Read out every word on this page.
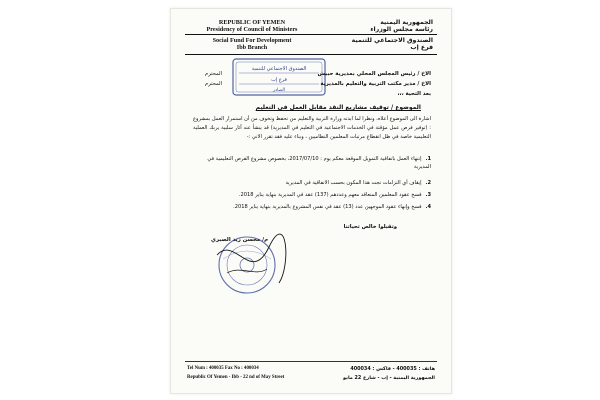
REPUBLIC OF YEMEN
Presidency of Council of Ministers
Social Fund For Development
Ibb Branch
الجمهورية اليمنية
رئاسة مجلس الوزراء
الصندوق الاجتماعي للتنمية
فرع إب
الصندوق الاجتماعي للتنمية
فرع إب
الصادر
الاخ / رئيس المجلس المحلي بمديرية حبيش
المحترم
الاخ / مدير مكتب التربية والتعليم بالمديرية
المحترم
بعد التحية ،،،
الموضوع / توقيف مشاريع النقد مقابل العمل في التعليم
اشارة الى الموضوع أعلاه، ونظرا لما ابدته وزارة التربية والتعليم من تحفظ وتخوف من أن استمرار العمل بمشروع : (توفير فرص عمل مؤقتة في الخدمات الاجتماعية في التعليم في المديرية) قد ينشأ عنه آثار سلبية يربك العملية التعليمية خاصة في ظل انقطاع مرتبات المعلمين النظاميين ، وبناء عليه فقد تقرر الاتي :-
1.إنتهاء العمل باتفاقية التمويل الموقعة معكم يوم : 2017/07/10، بخصوص مشروع الفرص التعليمية في المديرية
2.إيقاف أي التزامات تجت هذا المكون بحسب الاتفاقية في المديرية
3.فسخ عقود المعلمين المتعاقد معهم وعددهم (137) عقد في المديرية بنهاية يناير 2018.
4.فسخ وإنهاء عقود الموجهين عدد (13) عقد في نفس المشروع بالمديرية بنهاية يناير 2018.
وتقبلوا خالص تحياتنا
م/ محسن زيد الصبري
Tel Num : 400035 Fax No : 400034
Republic Of Yemen - Ibb - 22 nd of May Street
هاتف : 400035 - فاكس : 400034
الجمهورية اليمنية - إب - شارع 22 مايو
